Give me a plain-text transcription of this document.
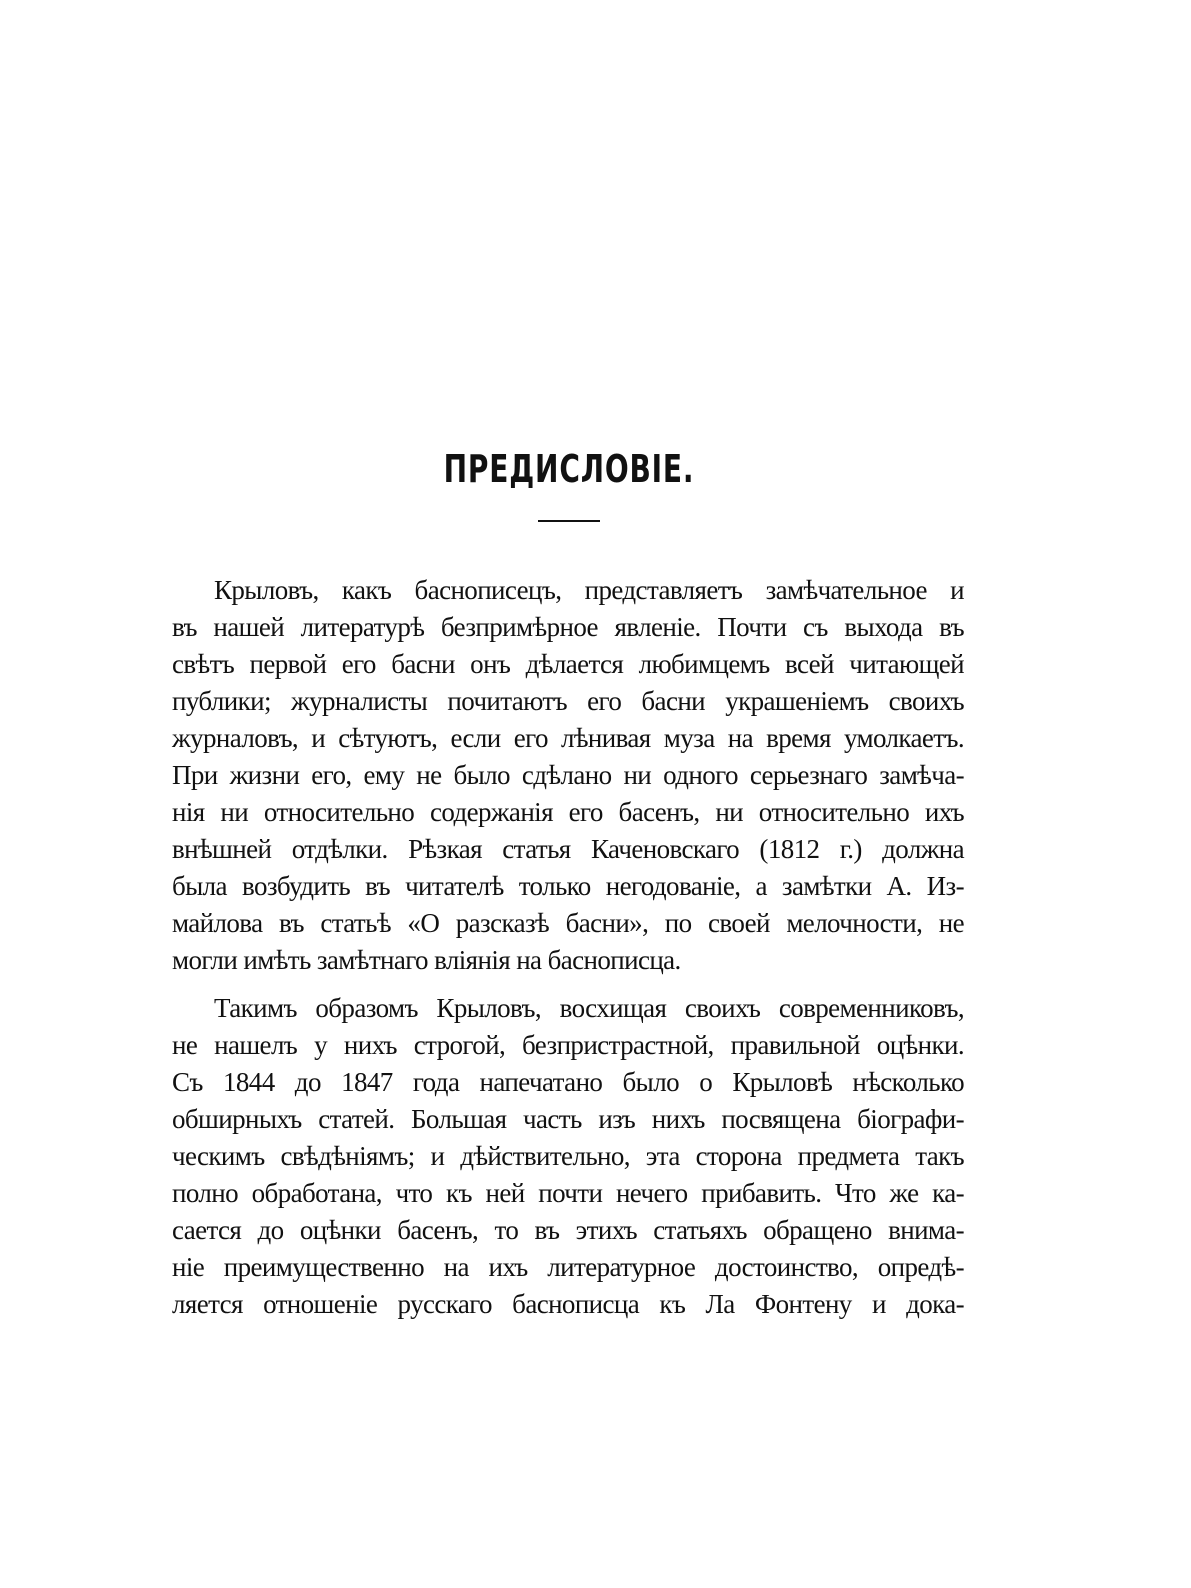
ПРЕДИСЛОВІЕ.
Крыловъ, какъ баснописецъ, представляетъ замѣчательное и
въ нашей литературѣ безпримѣрное явленіе. Почти съ выхода въ
свѣтъ первой его басни онъ дѣлается любимцемъ всей читающей
публики; журналисты почитаютъ его басни украшеніемъ своихъ
журналовъ, и сѣтуютъ, если его лѣнивая муза на время умолкаетъ.
При жизни его, ему не было сдѣлано ни одного серьезнаго замѣча-
нія ни относительно содержанія его басенъ, ни относительно ихъ
внѣшней отдѣлки. Рѣзкая статья Каченовскаго (1812 г.) должна
была возбудить въ читателѣ только негодованіе, а замѣтки А. Из-
майлова въ статьѣ «О разсказѣ басни», по своей мелочности, не
могли имѣть замѣтнаго вліянія на баснописца.
Такимъ образомъ Крыловъ, восхищая своихъ современниковъ,
не нашелъ у нихъ строгой, безпристрастной, правильной оцѣнки.
Съ 1844 до 1847 года напечатано было о Крыловѣ нѣсколько
обширныхъ статей. Большая часть изъ нихъ посвящена біографи-
ческимъ свѣдѣніямъ; и дѣйствительно, эта сторона предмета такъ
полно обработана, что къ ней почти нечего прибавить. Что же ка-
сается до оцѣнки басенъ, то въ этихъ статьяхъ обращено внима-
ніе преимущественно на ихъ литературное достоинство, опредѣ-
ляется отношеніе русскаго баснописца къ Ла Фонтену и дока-
